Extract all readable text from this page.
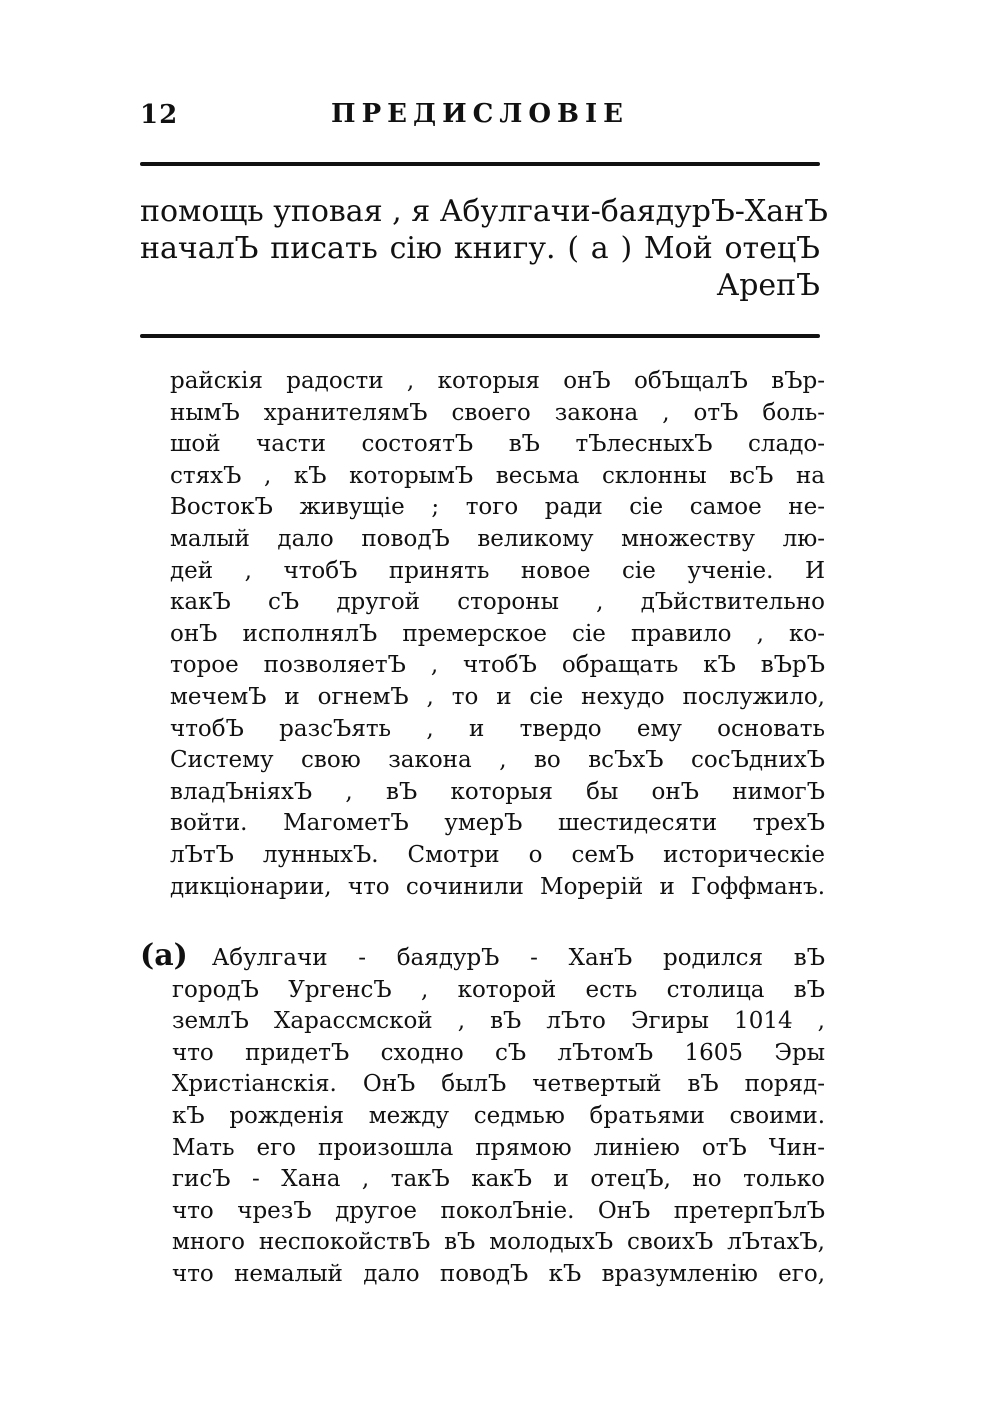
12	ПРЕДИСЛОВІЕ
помощь уповая , я Абулгачи-баядурЪ-ХанЪ
началЪ писать сію книгу. ( а ) Мой отецЪ
АрепЪ
райскія радости , которыя онЪ обЪщалЪ вЪр-
нымЪ хранителямЪ своего закона , отЪ боль-
шой части состоятЪ вЪ тЪлесныхЪ сладо-
стяхЪ , кЪ которымЪ весьма склонны всЪ на
ВостокЪ живущіе ; того ради сіе самое не-
малый дало поводЪ великому множеству лю-
дей , чтобЪ принять новое сіе ученіе. И
какЪ сЪ другой стороны , дЪйствительно
онЪ исполнялЪ премерское сіе правило , ко-
торое позволяетЪ , чтобЪ обращать кЪ вЪрЪ
мечемЪ и огнемЪ , то и сіе нехудо послужило,
чтобЪ разсЪять , и твердо ему основать
Систему свою закона , во всЪхЪ сосЪднихЪ
владЪніяхЪ , вЪ которыя бы онЪ нимогЪ
войти. МагометЪ умерЪ шестидесяти трехЪ
лЪтЪ лунныхЪ. Смотри о семЪ историческіе
дикціонарии, что сочинили Морерій и Гоффманъ.
(а) Абулгачи - баядурЪ - ХанЪ родился вЪ
городЪ УргенсЪ , которой есть столица вЪ
землЪ Харассмской , вЪ лЪто Эгиры 1014 ,
что придетЪ сходно сЪ лЪтомЪ 1605 Эры
Христіанскія. ОнЪ былЪ четвертый вЪ поряд-
кЪ рожденія между седмью братьями своими.
Мать его произошла прямою линіею отЪ Чин-
гисЪ - Хана , такЪ какЪ и отецЪ, но только
что чрезЪ другое поколЪніе. ОнЪ претерпЪлЪ
много неспокойствЪ вЪ молодыхЪ своихЪ лЪтахЪ,
что немалый дало поводЪ кЪ вразумленію его,
